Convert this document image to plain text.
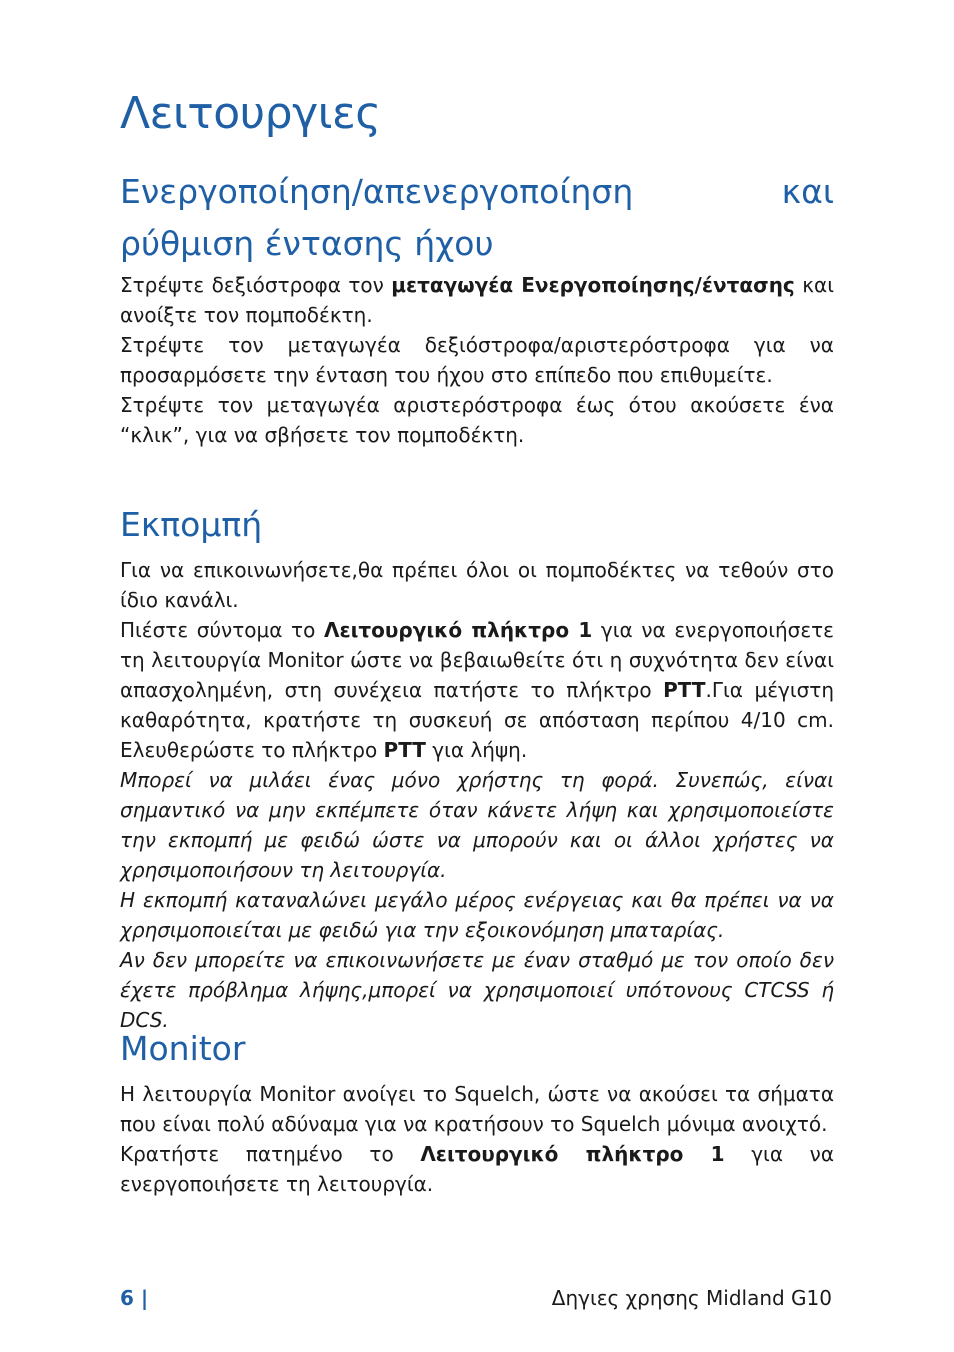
Λειτουργιες
Ενεργοποίηση/απενεργοποίηση και ρύθμιση έντασης ήχου

Στρέψτε δεξιόστροφα τον μεταγωγέα Ενεργοποίησης/έντασης και ανοίξτε τον πομποδέκτη.

Στρέψτε τον μεταγωγέα δεξιόστροφα/αριστερόστροφα για να προσαρμόσετε την ένταση του ήχου στο επίπεδο που επιθυμείτε.

Στρέψτε τον μεταγωγέα αριστερόστροφα έως ότου ακούσετε ένα “κλικ”, για να σβήσετε τον πομποδέκτη.

Εκπομπή

Για να επικοινωνήσετε,θα πρέπει όλοι οι πομποδέκτες να τεθούν στο ίδιο κανάλι.

Πιέστε σύντομα το Λειτουργικό πλήκτρο 1 για να ενεργοποιήσετε τη λειτουργία Monitor ώστε να βεβαιωθείτε ότι η συχνότητα δεν είναι απασχολημένη, στη συνέχεια πατήστε το πλήκτρο PTT.Για μέγιστη καθαρότητα, κρατήστε τη συσκευή σε απόσταση περίπου 4/10 cm. Ελευθερώστε το πλήκτρο PTT για λήψη.

Μπορεί να μιλάει ένας μόνο χρήστης τη φορά. Συνεπώς, είναι σημαντικό να μην εκπέμπετε όταν κάνετε λήψη και χρησιμοποιείστε την εκπομπή με φειδώ ώστε να μπορούν και οι άλλοι χρήστες να χρησιμοποιήσουν τη λειτουργία.

Η εκπομπή καταναλώνει μεγάλο μέρος ενέργειας και θα πρέπει να να χρησιμοποιείται με φειδώ για την εξοικονόμηση μπαταρίας.

Αν δεν μπορείτε να επικοινωνήσετε με έναν σταθμό με τον οποίο δεν έχετε πρόβλημα λήψης,μπορεί να χρησιμοποιεί υπότονους CTCSS ή DCS.

Monitor

Η λειτουργία Monitor ανοίγει το Squelch, ώστε να ακούσει τα σήματα που είναι πολύ αδύναμα για να κρατήσουν το Squelch μόνιμα ανοιχτό.

Κρατήστε πατημένο το Λειτουργικό πλήκτρο 1 για να ενεργοποιήσετε τη λειτουργία.

6 |	Δηγιες χρησης Midland G10
